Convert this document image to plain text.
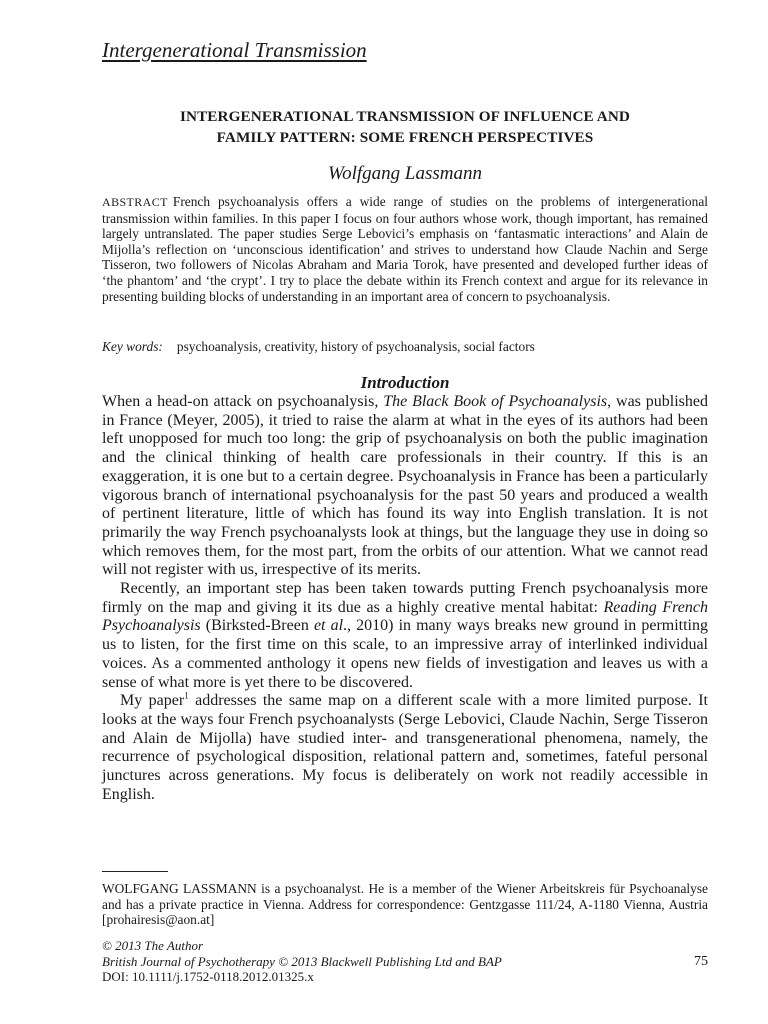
Intergenerational Transmission
INTERGENERATIONAL TRANSMISSION OF INFLUENCE AND
FAMILY PATTERN: SOME FRENCH PERSPECTIVES
Wolfgang Lassmann
ABSTRACT French psychoanalysis offers a wide range of studies on the problems of intergenerational transmission within families. In this paper I focus on four authors whose work, though important, has remained largely untranslated. The paper studies Serge Lebovici’s emphasis on ‘fantasmatic interactions’ and Alain de Mijolla’s reflection on ‘unconscious identification’ and strives to understand how Claude Nachin and Serge Tisseron, two followers of Nicolas Abraham and Maria Torok, have presented and developed further ideas of ‘the phantom’ and ‘the crypt’. I try to place the debate within its French context and argue for its relevance in presenting building blocks of understanding in an important area of concern to psychoanalysis.
Key words: psychoanalysis, creativity, history of psychoanalysis, social factors
Introduction

When a head-on attack on psychoanalysis, The Black Book of Psychoanalysis, was published in France (Meyer, 2005), it tried to raise the alarm at what in the eyes of its authors had been left unopposed for much too long: the grip of psychoanalysis on both the public imagination and the clinical thinking of health care professionals in their country. If this is an exaggeration, it is one but to a certain degree. Psychoanalysis in France has been a particularly vigorous branch of international psychoanalysis for the past 50 years and produced a wealth of pertinent literature, little of which has found its way into English translation. It is not primarily the way French psychoanalysts look at things, but the language they use in doing so which removes them, for the most part, from the orbits of our attention. What we cannot read will not register with us, irrespective of its merits.

Recently, an important step has been taken towards putting French psychoanalysis more firmly on the map and giving it its due as a highly creative mental habitat: Reading French Psychoanalysis (Birksted-Breen et al., 2010) in many ways breaks new ground in permitting us to listen, for the first time on this scale, to an impressive array of interlinked individual voices. As a commented anthology it opens new fields of investigation and leaves us with a sense of what more is yet there to be discovered.

My paper$^1$ addresses the same map on a different scale with a more limited purpose. It looks at the ways four French psychoanalysts (Serge Lebovici, Claude Nachin, Serge Tisseron and Alain de Mijolla) have studied inter- and transgenerational phenomena, namely, the recurrence of psychological disposition, relational pattern and, sometimes, fateful personal junctures across generations. My focus is deliberately on work not readily accessible in English.

WOLFGANG LASSMANN is a psychoanalyst. He is a member of the Wiener Arbeitskreis für Psychoanalyse and has a private practice in Vienna. Address for correspondence: Gentzgasse 111/24, A-1180 Vienna, Austria [prohairesis@aon.at]
© 2013 The Author
British Journal of Psychotherapy © 2013 Blackwell Publishing Ltd and BAP
DOI: 10.1111/j.1752-0118.2012.01325.x
75
